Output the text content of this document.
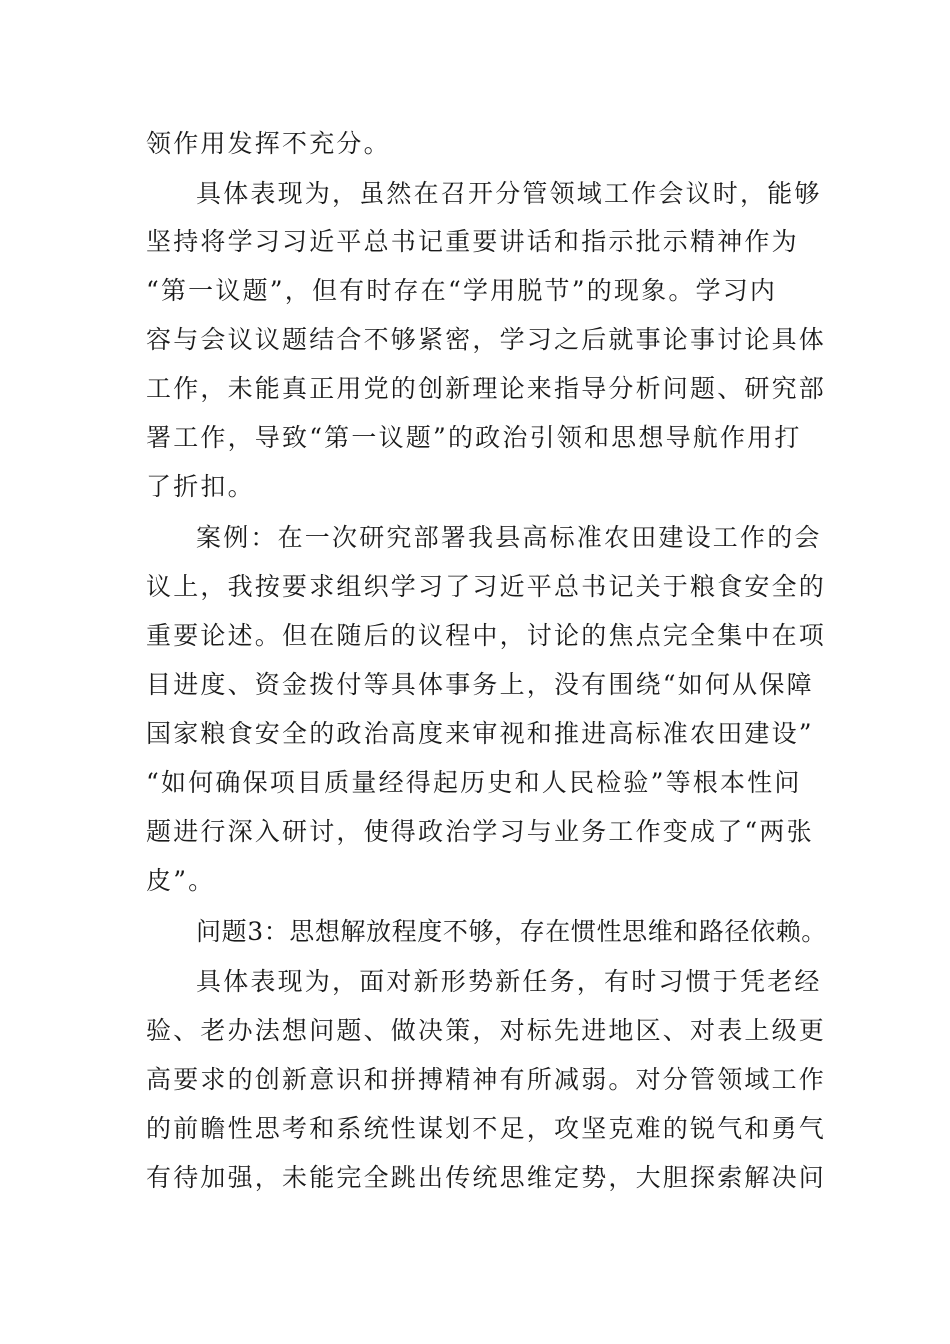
领作用发挥不充分。
具体表现为，虽然在召开分管领域工作会议时，能够
坚持将学习习近平总书记重要讲话和指示批示精神作为
“第一议题”，但有时存在“学用脱节”的现象。学习内
容与会议议题结合不够紧密，学习之后就事论事讨论具体
工作，未能真正用党的创新理论来指导分析问题、研究部
署工作，导致“第一议题”的政治引领和思想导航作用打
了折扣。
案例：在一次研究部署我县高标准农田建设工作的会
议上，我按要求组织学习了习近平总书记关于粮食安全的
重要论述。但在随后的议程中，讨论的焦点完全集中在项
目进度、资金拨付等具体事务上，没有围绕“如何从保障
国家粮食安全的政治高度来审视和推进高标准农田建设”
“如何确保项目质量经得起历史和人民检验”等根本性问
题进行深入研讨，使得政治学习与业务工作变成了“两张
皮”。
问题3：思想解放程度不够，存在惯性思维和路径依赖。
具体表现为，面对新形势新任务，有时习惯于凭老经
验、老办法想问题、做决策，对标先进地区、对表上级更
高要求的创新意识和拼搏精神有所减弱。对分管领域工作
的前瞻性思考和系统性谋划不足，攻坚克难的锐气和勇气
有待加强，未能完全跳出传统思维定势，大胆探索解决问
